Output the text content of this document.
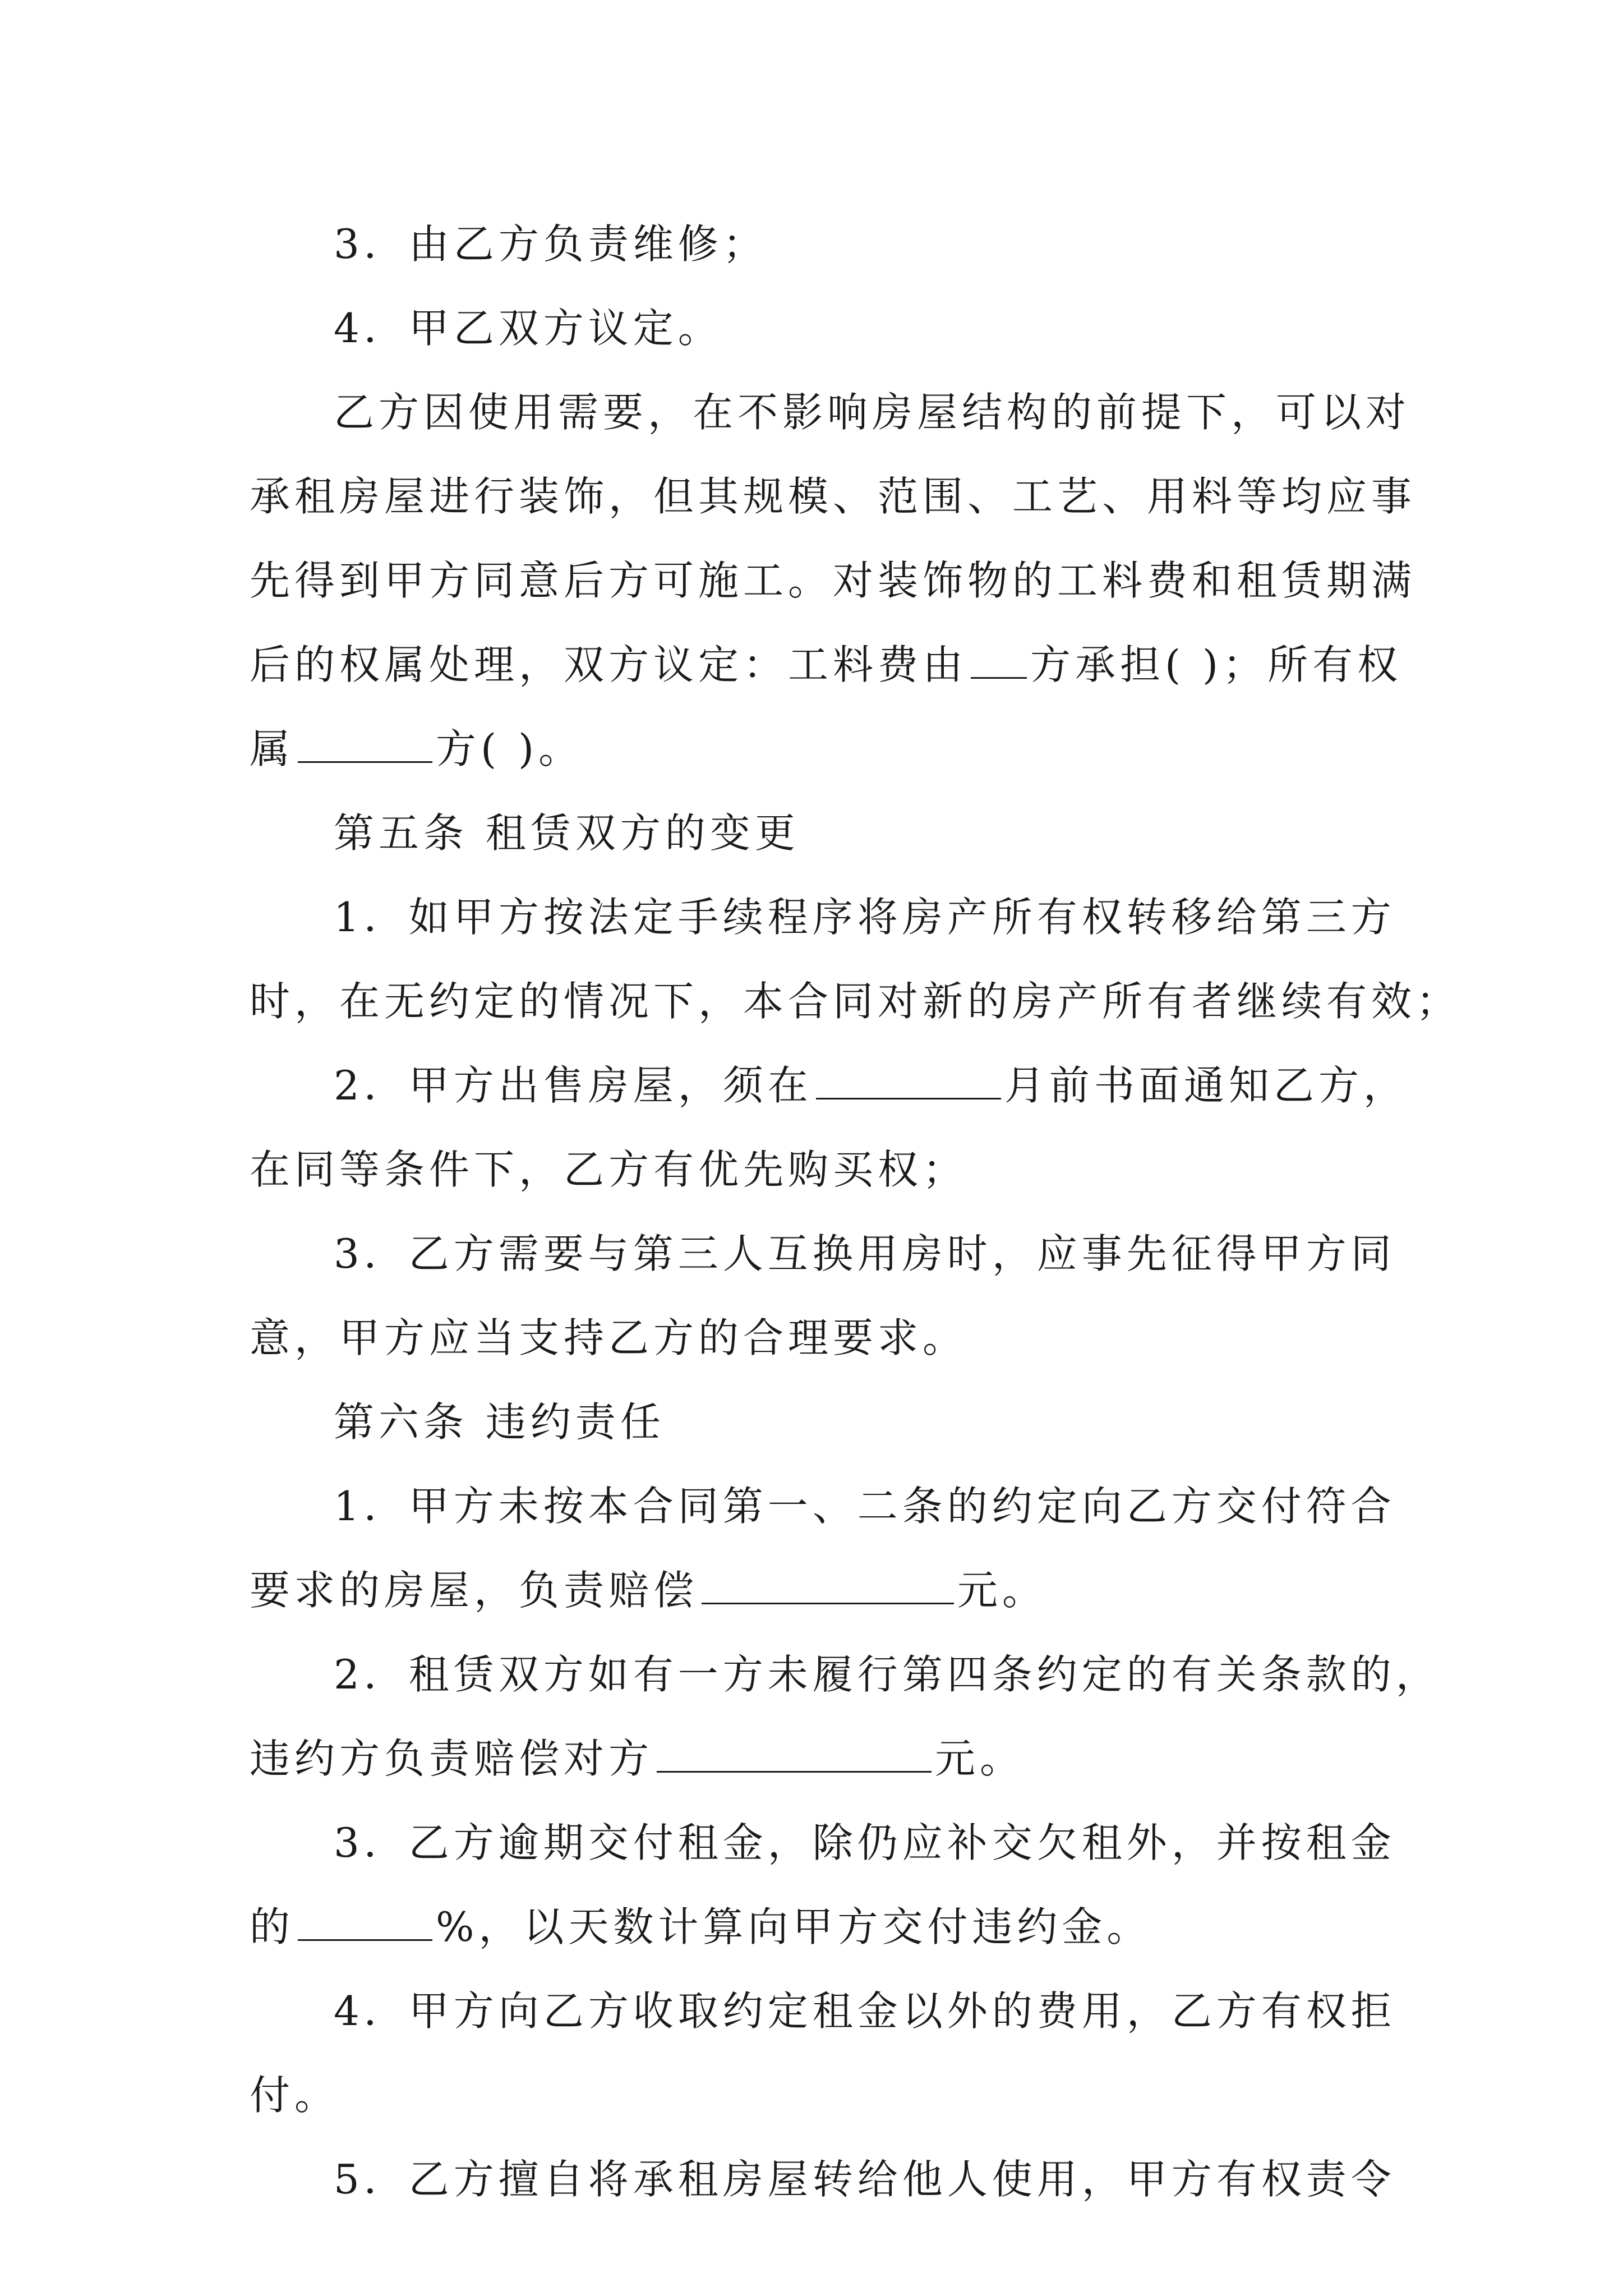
3．由乙方负责维修；
4．甲乙双方议定。
乙方因使用需要，在不影响房屋结构的前提下，可以对
承租房屋进行装饰，但其规模、范围、工艺、用料等均应事
先得到甲方同意后方可施工。对装饰物的工料费和租赁期满
后的权属处理，双方议定：工料费由 方承担( )；所有权
属	方( )。
第五条 租赁双方的变更
1．如甲方按法定手续程序将房产所有权转移给第三方
时，在无约定的情况下，本合同对新的房产所有者继续有效；
2．甲方出售房屋，须在	月前书面通知乙方，
在同等条件下，乙方有优先购买权；
3．乙方需要与第三人互换用房时，应事先征得甲方同
意，甲方应当支持乙方的合理要求。
第六条 违约责任
1．甲方未按本合同第一、二条的约定向乙方交付符合
要求的房屋，负责赔偿	元。
2．租赁双方如有一方未履行第四条约定的有关条款的，
违约方负责赔偿对方	元。
3．乙方逾期交付租金，除仍应补交欠租外，并按租金
的	%，以天数计算向甲方交付违约金。
4．甲方向乙方收取约定租金以外的费用，乙方有权拒
付。
5．乙方擅自将承租房屋转给他人使用，甲方有权责令
